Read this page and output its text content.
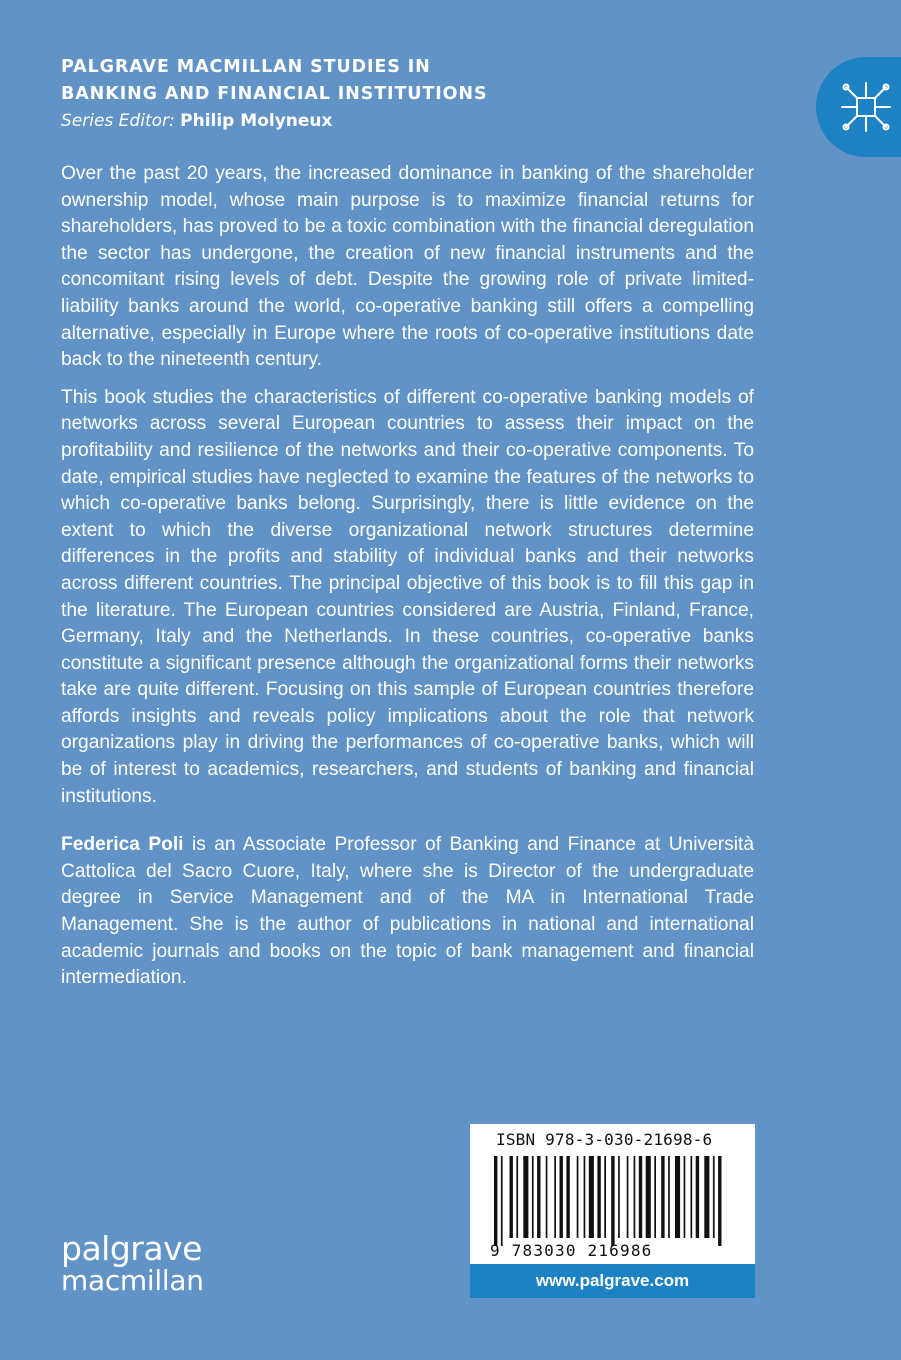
PALGRAVE MACMILLAN STUDIES IN

BANKING AND FINANCIAL INSTITUTIONS

Series Editor: Philip Molyneux

Over the past 20 years, the increased dominance in banking of the shareholder ownership model, whose main purpose is to maximize financial returns for shareholders, has proved to be a toxic combination with the financial deregulation the sector has undergone, the creation of new financial instruments and the concomitant rising levels of debt. Despite the growing role of private limited-liability banks around the world, co-operative banking still offers a compelling alternative, especially in Europe where the roots of co-operative institutions date back to the nineteenth century.

This book studies the characteristics of different co-operative banking models of networks across several European countries to assess their impact on the profitability and resilience of the networks and their co-operative components. To date, empirical studies have neglected to examine the features of the networks to which co-operative banks belong. Surprisingly, there is little evidence on the extent to which the diverse organizational network structures determine differences in the profits and stability of individual banks and their networks across different countries. The principal objective of this book is to fill this gap in the literature. The European countries considered are Austria, Finland, France, Germany, Italy and the Netherlands. In these countries, co-operative banks constitute a significant presence although the organizational forms their networks take are quite different. Focusing on this sample of European countries therefore affords insights and reveals policy implications about the role that network organizations play in driving the performances of co-operative banks, which will be of interest to academics, researchers, and students of banking and financial institutions.

Federica Poli is an Associate Professor of Banking and Finance at Università Cattolica del Sacro Cuore, Italy, where she is Director of the undergraduate degree in Service Management and of the MA in International Trade Management. She is the author of publications in national and international academic journals and books on the topic of bank management and financial intermediation.

palgrave
macmillan
ISBN 978-3-030-21698-6
9 783030 216986
www.palgrave.com
